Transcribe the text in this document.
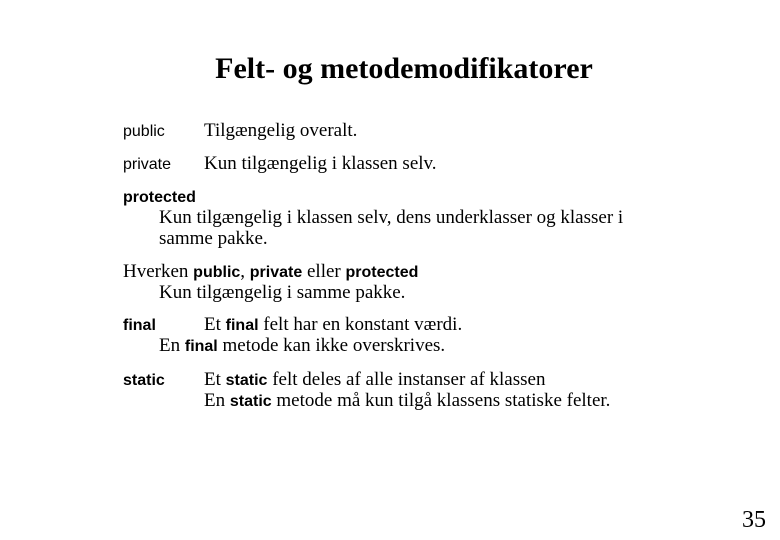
Felt- og metodemodifikatorer
public Tilgængelig overalt.
private Kun tilgængelig i klassen selv.
protected
Kun tilgængelig i klassen selv, dens underklasser og klasser i
samme pakke.
Hverken public, private eller protected
Kun tilgængelig i samme pakke.
final	Et final felt har en konstant værdi.
En final metode kan ikke overskrives.
static Et static felt deles af alle instanser af klassen
En static metode må kun tilgå klassens statiske felter.
35
